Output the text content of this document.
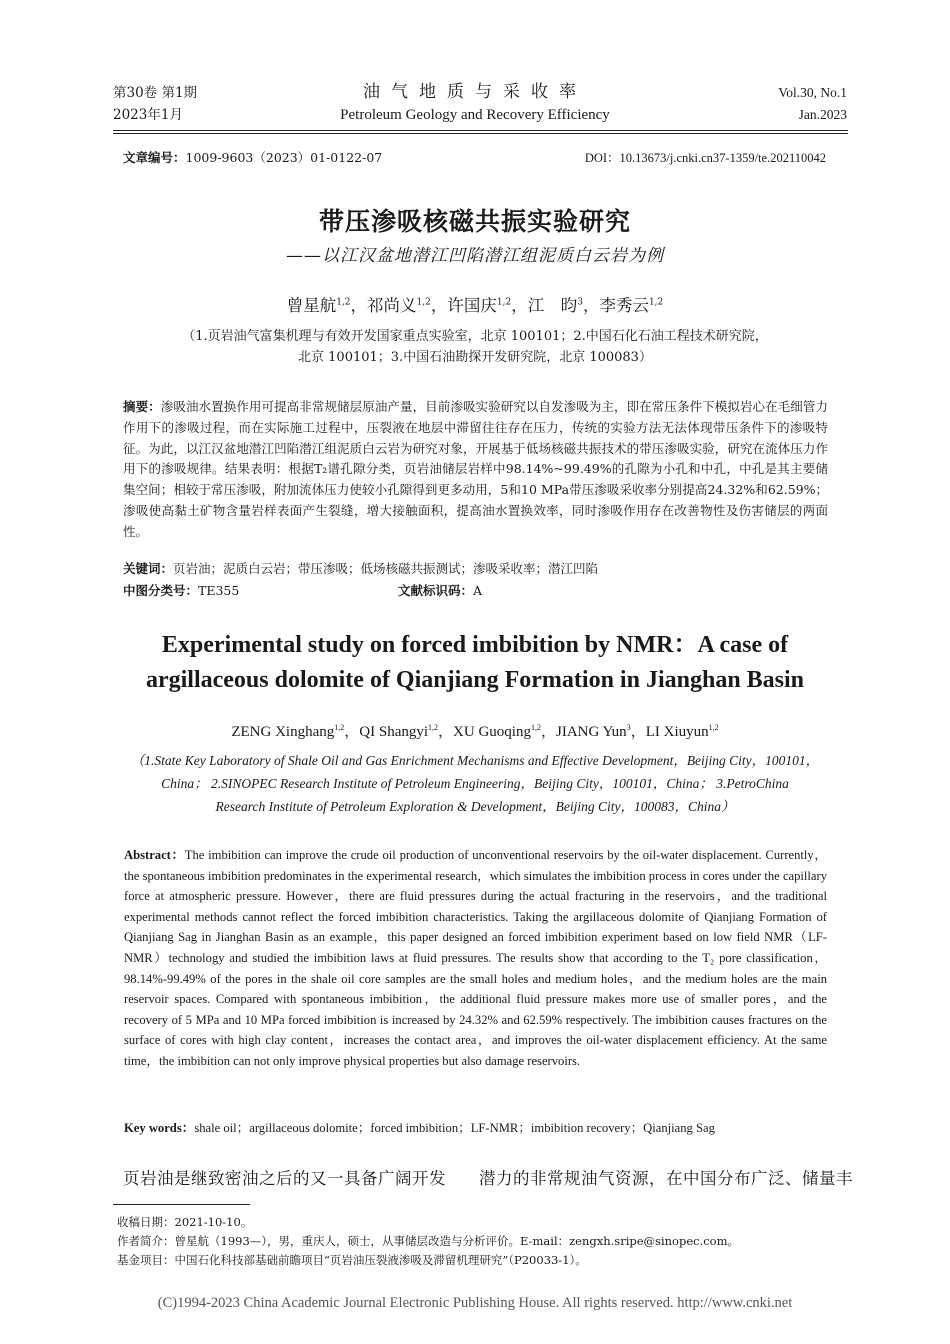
第30卷 第1期
2023年1月
油气地质与采收率
Petroleum Geology and Recovery Efficiency
Vol.30, No.1
Jan.2023
文章编号：1009-9603（2023）01-0122-07	DOI：10.13673/j.cnki.cn37-1359/te.202110042
带压渗吸核磁共振实验研究
——以江汉盆地潜江凹陷潜江组泥质白云岩为例
曾星航$^{1,2}$，祁尚义$^{1,2}$，许国庆$^{1,2}$，江　昀$^3$，李秀云$^{1,2}$
（1.页岩油气富集机理与有效开发国家重点实验室，北京 100101；2.中国石化石油工程技术研究院，
北京 100101；3.中国石油勘探开发研究院，北京 100083）
摘要：渗吸油水置换作用可提高非常规储层原油产量，目前渗吸实验研究以自发渗吸为主，即在常压条件下模拟岩心在毛细管力作用下的渗吸过程，而在实际施工过程中，压裂液在地层中滞留往往存在压力，传统的实验方法无法体现带压条件下的渗吸特征。为此，以江汉盆地潜江凹陷潜江组泥质白云岩为研究对象，开展基于低场核磁共振技术的带压渗吸实验，研究在流体压力作用下的渗吸规律。结果表明：根据T₂谱孔隙分类，页岩油储层岩样中98.14%~99.49%的孔隙为小孔和中孔，中孔是其主要储集空间；相较于常压渗吸，附加流体压力使较小孔隙得到更多动用，5和10 MPa带压渗吸采收率分别提高24.32%和62.59%；渗吸使高黏土矿物含量岩样表面产生裂缝，增大接触面积，提高油水置换效率，同时渗吸作用存在改善物性及伤害储层的两面性。
关键词：页岩油；泥质白云岩；带压渗吸；低场核磁共振测试；渗吸采收率；潜江凹陷
中图分类号：TE355	文献标识码：A
Experimental study on forced imbibition by NMR：A case of
argillaceous dolomite of Qianjiang Formation in Jianghan Basin
ZENG Xinghang$^{1,2}$，QI Shangyi$^{1,2}$，XU Guoqing$^{1,2}$，JIANG Yun$^3$，LI Xiuyun$^{1,2}$
（1.State Key Laboratory of Shale Oil and Gas Enrichment Mechanisms and Effective Development，Beijing City，100101，
China； 2.SINOPEC Research Institute of Petroleum Engineering，Beijing City，100101，China； 3.PetroChina
Research Institute of Petroleum Exploration & Development，Beijing City，100083，China）
Abstract：The imbibition can improve the crude oil production of unconventional reservoirs by the oil-water displacement. Currently，the spontaneous imbibition predominates in the experimental research，which simulates the imbibition process in cores under the capillary force at atmospheric pressure. However，there are fluid pressures during the actual fracturing in the reservoirs，and the traditional experimental methods cannot reflect the forced imbibition characteristics. Taking the argillaceous dolomite of Qianjiang Formation of Qianjiang Sag in Jianghan Basin as an example，this paper designed an forced imbibition experiment based on low field NMR（LF-NMR）technology and studied the imbibition laws at fluid pressures. The results show that according to the T₂ pore classification，98.14%-99.49% of the pores in the shale oil core samples are the small holes and medium holes，and the medium holes are the main reservoir spaces. Compared with spontaneous imbibition，the additional fluid pressure makes more use of smaller pores，and the recovery of 5 MPa and 10 MPa forced imbibition is increased by 24.32% and 62.59% respectively. The imbibition causes fractures on the surface of cores with high clay content，increases the contact area，and improves the oil-water displacement efficiency. At the same time，the imbibition can not only improve physical properties but also damage reservoirs.
Key words：shale oil；argillaceous dolomite；forced imbibition；LF-NMR；imbibition recovery；Qianjiang Sag
页岩油是继致密油之后的又一具备广阔开发 潜力的非常规油气资源，在中国分布广泛、储量丰
收稿日期：2021-10-10。
作者简介：曾星航（1993—），男，重庆人，硕士，从事储层改造与分析评价。E-mail：zengxh.sripe@sinopec.com。
基金项目：中国石化科技部基础前瞻项目“页岩油压裂液渗吸及滞留机理研究”（P20033-1）。
(C)1994-2023 China Academic Journal Electronic Publishing House. All rights reserved. http://www.cnki.net
